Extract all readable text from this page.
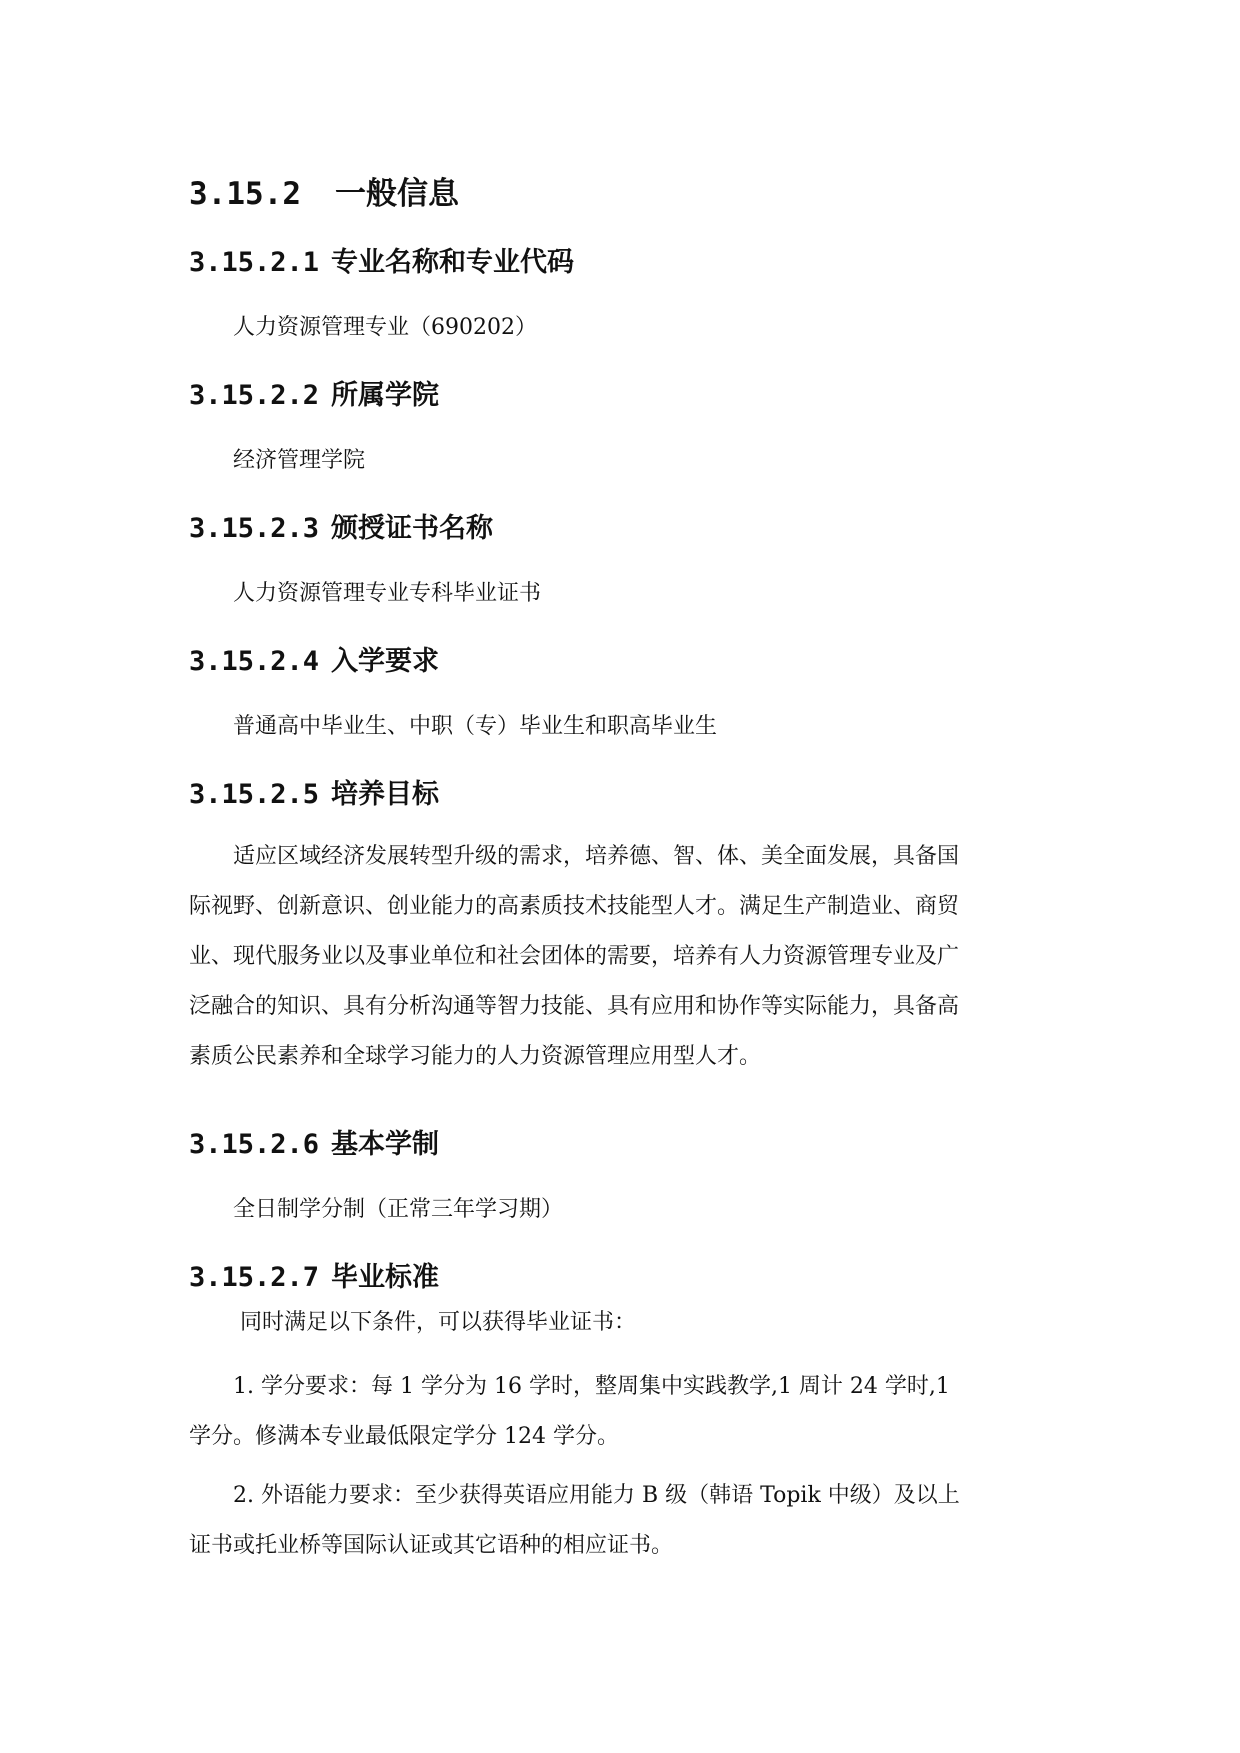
3.15.2 一般信息
3.15.2.1 专业名称和专业代码

人力资源管理专业（690202）

3.15.2.2 所属学院

经济管理学院

3.15.2.3 颁授证书名称

人力资源管理专业专科毕业证书

3.15.2.4 入学要求

普通高中毕业生、中职（专）毕业生和职高毕业生

3.15.2.5 培养目标
适应区域经济发展转型升级的需求，培养德、智、体、美全面发展，具备国
际视野、创新意识、创业能力的高素质技术技能型人才。满足生产制造业、商贸
业、现代服务业以及事业单位和社会团体的需要，培养有人力资源管理专业及广
泛融合的知识、具有分析沟通等智力技能、具有应用和协作等实际能力，具备高
素质公民素养和全球学习能力的人力资源管理应用型人才。
3.15.2.6 基本学制

全日制学分制（正常三年学习期）

3.15.2.7 毕业标准

同时满足以下条件，可以获得毕业证书：

1. 学分要求：每 1 学分为 16 学时，整周集中实践教学,1 周计 24 学时,1
学分。修满本专业最低限定学分 124 学分。
2. 外语能力要求：至少获得英语应用能力 B 级（韩语 Topik 中级）及以上
证书或托业桥等国际认证或其它语种的相应证书。
